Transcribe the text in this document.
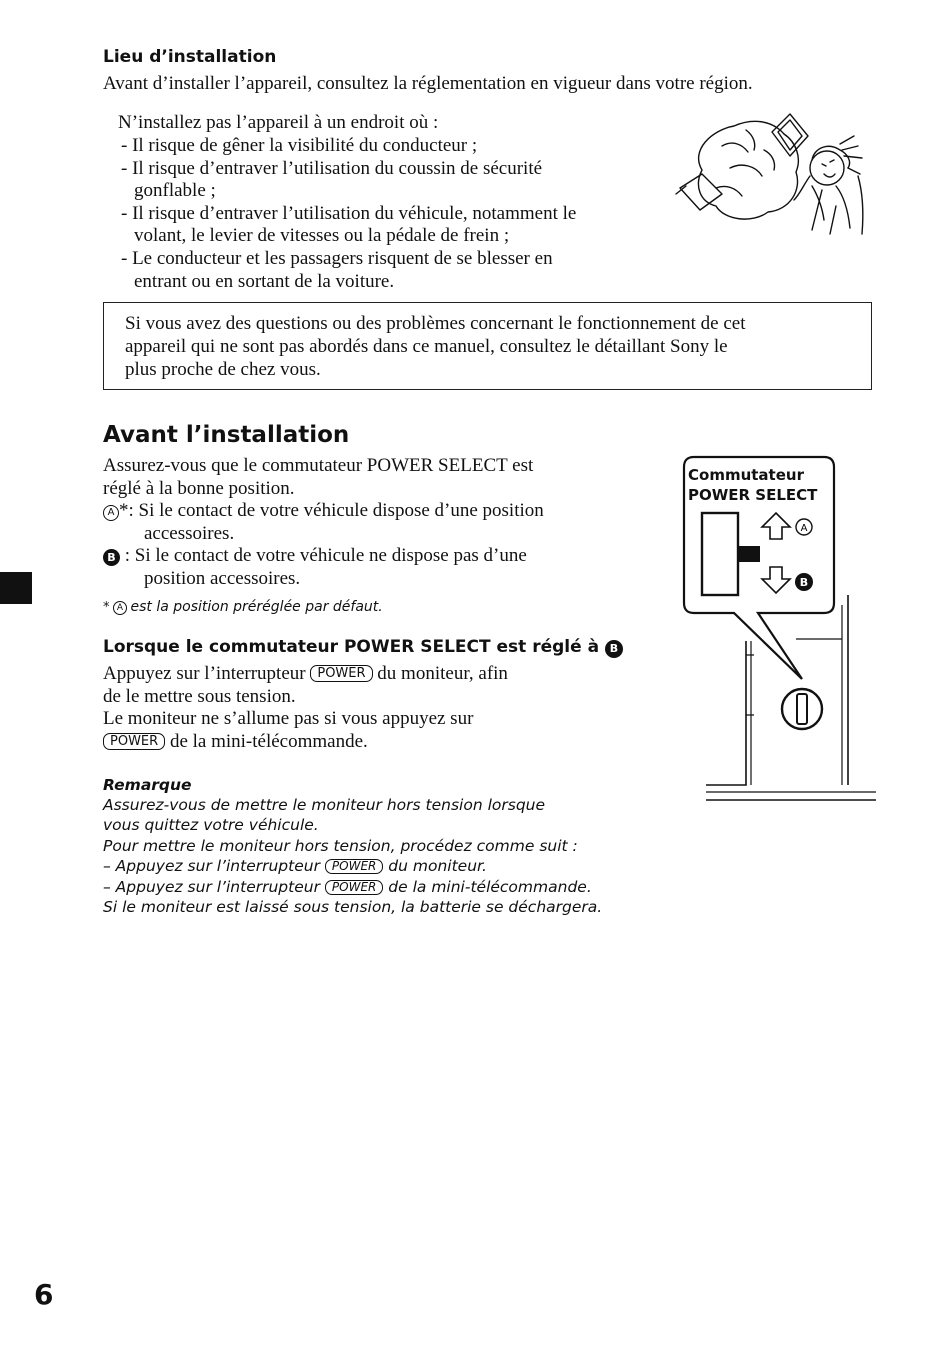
Lieu d’installation
Avant d’installer l’appareil, consultez la réglementation en vigueur dans votre région.
N’installez pas l’appareil à un endroit où :
- Il risque de gêner la visibilité du conducteur ;
- Il risque d’entraver l’utilisation du coussin de sécurité
gonflable ;
- Il risque d’entraver l’utilisation du véhicule, notamment le
volant, le levier de vitesses ou la pédale de frein ;
- Le conducteur et les passagers risquent de se blesser en
entrant ou en sortant de la voiture.
Si vous avez des questions ou des problèmes concernant le fonctionnement de cet
appareil qui ne sont pas abordés dans ce manuel, consultez le détaillant Sony le
plus proche de chez vous.
Avant l’installation
Assurez-vous que le commutateur POWER SELECT est
réglé à la bonne position.
A *: Si le contact de votre véhicule dispose d’une position
accessoires.
B : Si le contact de votre véhicule ne dispose pas d’une
position accessoires.
* A est la position préréglée par défaut.
Lorsque le commutateur POWER SELECT est réglé à B
Appuyez sur l’interrupteur POWER du moniteur, afin
de le mettre sous tension.
Le moniteur ne s’allume pas si vous appuyez sur
POWER de la mini-télécommande.
Remarque
Assurez-vous de mettre le moniteur hors tension lorsque
vous quittez votre véhicule.
Pour mettre le moniteur hors tension, procédez comme suit :
– Appuyez sur l’interrupteur POWER du moniteur.
– Appuyez sur l’interrupteur POWER de la mini-télécommande.
Si le moniteur est laissé sous tension, la batterie se déchargera.
A
B
Commutateur
POWER SELECT
6
